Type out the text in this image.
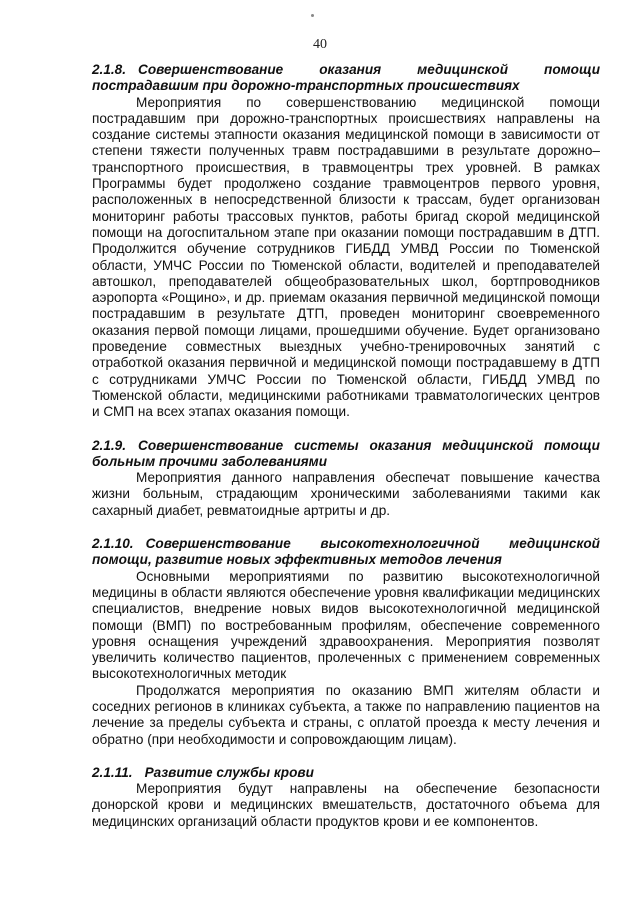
40

2.1.8. Совершенствование оказания медицинской помощи пострадавшим при дорожно-транспортных происшествиях

Мероприятия по совершенствованию медицинской помощи пострадавшим при дорожно-транспортных происшествиях направлены на создание системы этапности оказания медицинской помощи в зависимости от степени тяжести полученных травм пострадавшими в результате дорожно–транспортного происшествия, в травмоцентры трех уровней. В рамках Программы будет продолжено создание травмоцентров первого уровня, расположенных в непосредственной близости к трассам, будет организован мониторинг работы трассовых пунктов, работы бригад скорой медицинской помощи на догоспитальном этапе при оказании помощи пострадавшим в ДТП. Продолжится обучение сотрудников ГИБДД УМВД России по Тюменской области, УМЧС России по Тюменской области, водителей и преподавателей автошкол, преподавателей общеобразовательных школ, бортпроводников аэропорта «Рощино», и др. приемам оказания первичной медицинской помощи пострадавшим в результате ДТП, проведен мониторинг своевременного оказания первой помощи лицами, прошедшими обучение. Будет организовано проведение совместных выездных учебно-тренировочных занятий с отработкой оказания первичной и медицинской помощи пострадавшему в ДТП с сотрудниками УМЧС России по Тюменской области, ГИБДД УМВД по Тюменской области, медицинскими работниками травматологических центров и СМП на всех этапах оказания помощи.

2.1.9. Совершенствование системы оказания медицинской помощи больным прочими заболеваниями

Мероприятия данного направления обеспечат повышение качества жизни больным, страдающим хроническими заболеваниями такими как сахарный диабет, ревматоидные артриты и др.

2.1.10. Совершенствование высокотехнологичной медицинской помощи, развитие новых эффективных методов лечения

Основными мероприятиями по развитию высокотехнологичной медицины в области являются обеспечение уровня квалификации медицинских специалистов, внедрение новых видов высокотехнологичной медицинской помощи (ВМП) по востребованным профилям, обеспечение современного уровня оснащения учреждений здравоохранения. Мероприятия позволят увеличить количество пациентов, пролеченных с применением современных высокотехнологичных методик

Продолжатся мероприятия по оказанию ВМП жителям области и соседних регионов в клиниках субъекта, а также по направлению пациентов на лечение за пределы субъекта и страны, с оплатой проезда к месту лечения и обратно (при необходимости и сопровождающим лицам).

2.1.11. Развитие службы крови

Мероприятия будут направлены на обеспечение безопасности донорской крови и медицинских вмешательств, достаточного объема для медицинских организаций области продуктов крови и ее компонентов.
